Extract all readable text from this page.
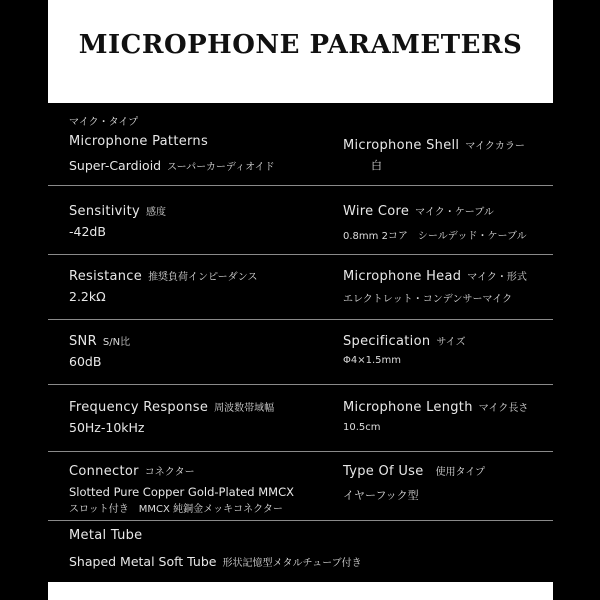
MICROPHONE PARAMETERS
マイク・タイプ
Microphone Patterns
Super-Cardioid スーパーカーディオイド
Microphone Shell マイクカラー
白
Sensitivity 感度
-42dB
Wire Core マイク・ケーブル
0.8mm 2コア　シールデッド・ケーブル
Resistance 推奨負荷インピーダンス
2.2kΩ
Microphone Head マイク・形式
エレクトレット・コンデンサーマイク
SNR S/N比
60dB
Specification サイズ
Φ4×1.5mm
Frequency Response 周波数帯域幅
50Hz-10kHz
Microphone Length マイク長さ
10.5cm
Connector コネクター
Slotted Pure Copper Gold-Plated MMCX
スロット付き　MMCX 純銅金メッキコネクター
Type Of Use 使用タイプ
イヤーフック型
Metal Tube
Shaped Metal Soft Tube 形状記憶型メタルチューブ付き
